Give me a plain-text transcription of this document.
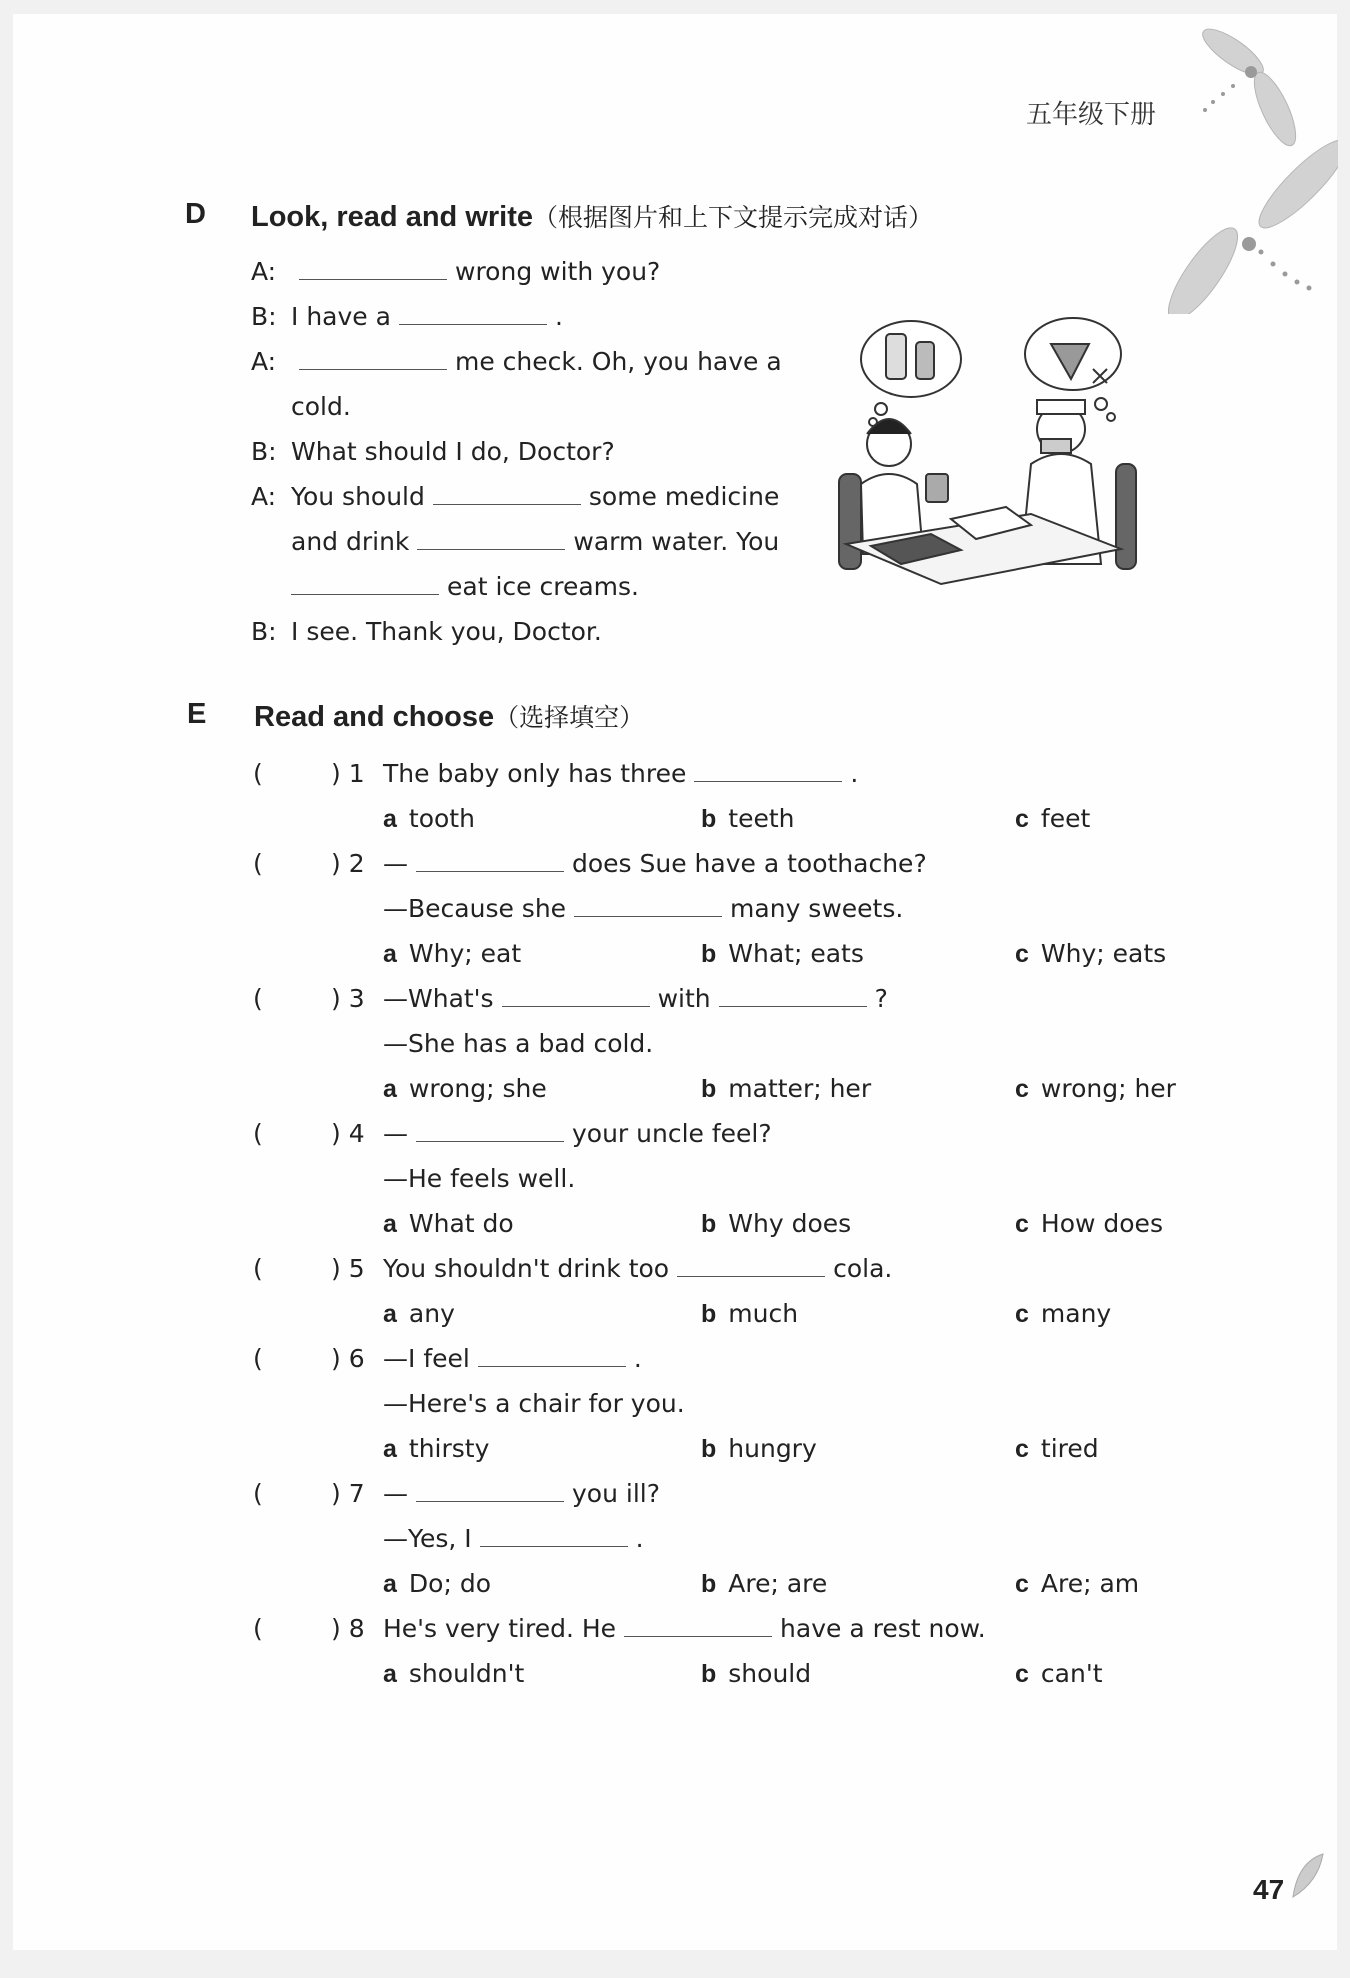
五年级下册
D Look, read and write（根据图片和上下文提示完成对话）
A:	wrong with you?
B: I have a	.
A:	me check. Oh, you have a
cold.
B: What should I do, Doctor?
A: You should	some medicine
and drink	warm water. You
eat ice creams.
B: I see. Thank you, Doctor.
E Read and choose（选择填空）
47
(	) 1 The baby only has three	.
a tooth	b teeth	c feet
(	) 2 —	does Sue have a toothache?
—Because she	many sweets.
a Why; eat	b What; eats	c Why; eats
(	) 3 —What's	with	?
—She has a bad cold.
a wrong; she	b matter; her	c wrong; her
(	) 4 —	your uncle feel?
—He feels well.
a What do	b Why does	c How does
(	) 5 You shouldn't drink too	cola.
a any	b much	c many
(	) 6 —I feel	.
—Here's a chair for you.
a thirsty	b hungry	c tired
(	) 7 —	you ill?
—Yes, I	.
a Do; do	b Are; are	c Are; am
(	) 8 He's very tired. He	have a rest now.
a shouldn't	b should	c can't
